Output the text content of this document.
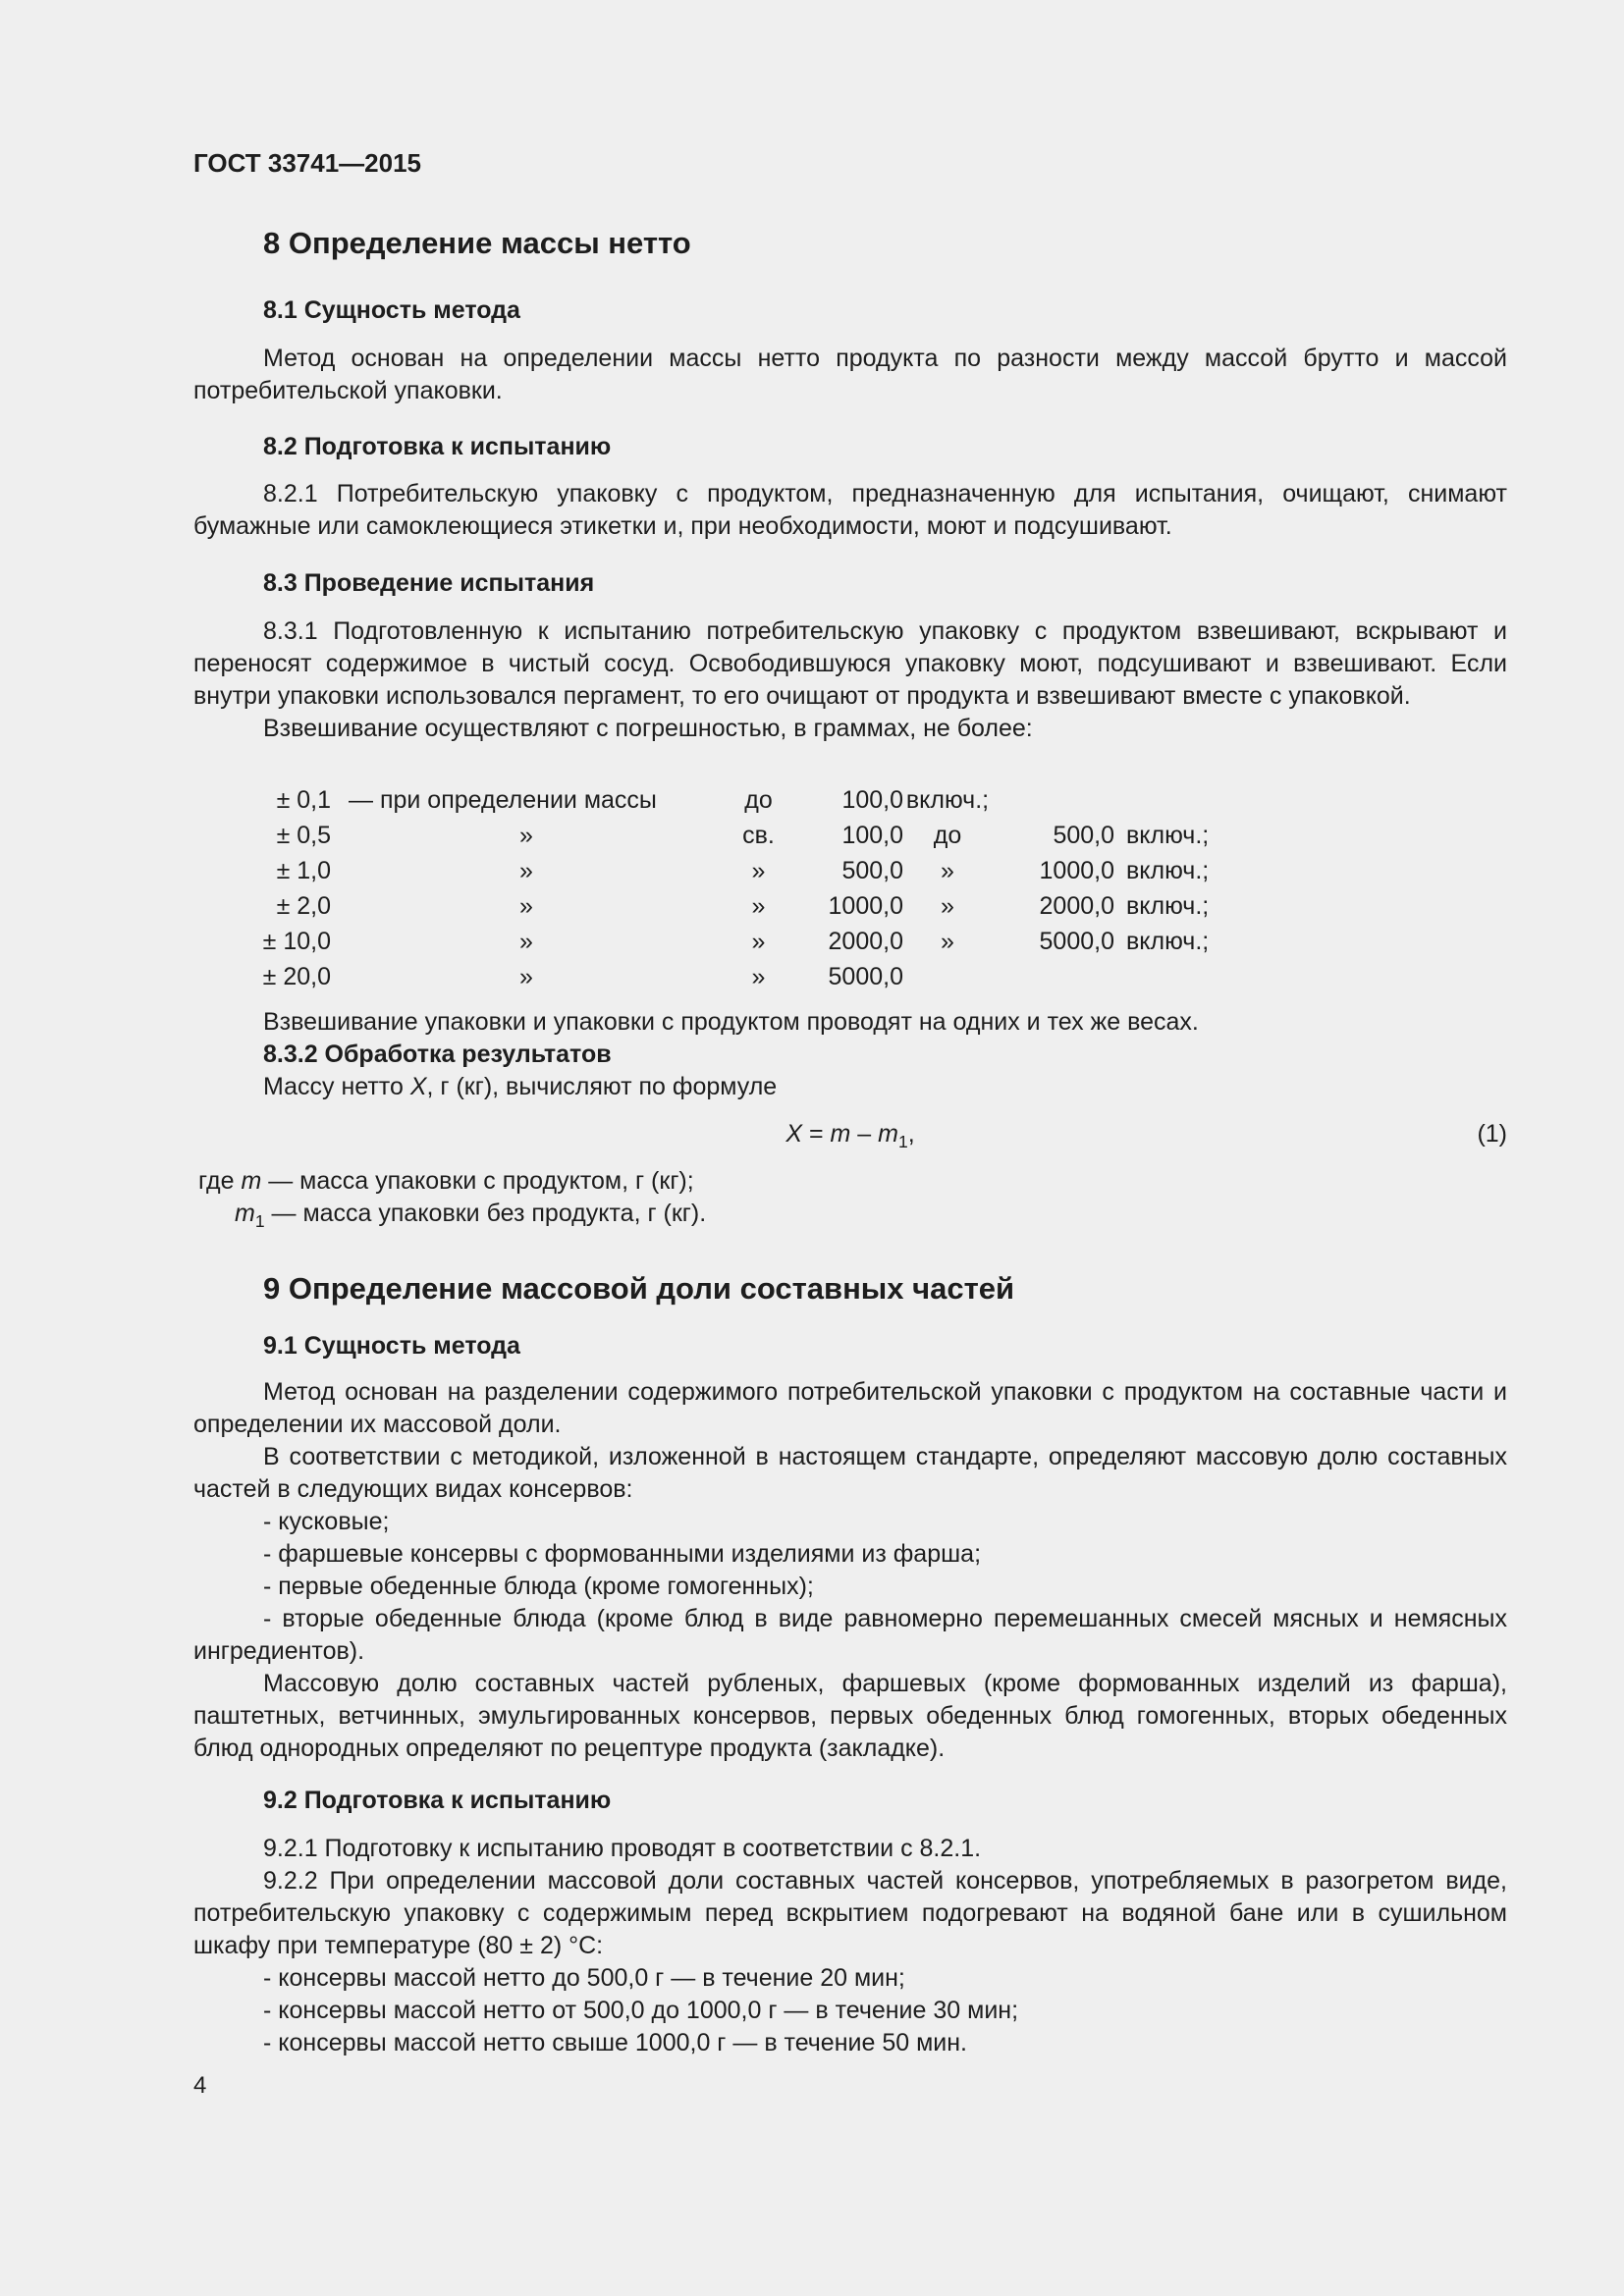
ГОСТ 33741—2015

8 Определение массы нетто

8.1 Сущность метода

Метод основан на определении массы нетто продукта по разности между массой брутто и массой потребительской упаковки.

8.2 Подготовка к испытанию

8.2.1 Потребительскую упаковку с продуктом, предназначенную для испытания, очищают, снимают бумажные или самоклеющиеся этикетки и, при необходимости, моют и подсушивают.

8.3 Проведение испытания

8.3.1 Подготовленную к испытанию потребительскую упаковку с продуктом взвешивают, вскрывают и переносят содержимое в чистый сосуд. Освободившуюся упаковку моют, подсушивают и взвешивают. Если внутри упаковки использовался пергамент, то его очищают от продукта и взвешивают вместе с упаковкой.

Взвешивание осуществляют с погрешностью, в граммах, не более:

± 0,1	— при определении массы	до	100,0	включ.;		
± 0,5	»	св.	100,0	до	500,0	включ.;
± 1,0	»	»	500,0	»	1000,0	включ.;
± 2,0	»	»	1000,0	»	2000,0	включ.;
± 10,0	»	»	2000,0	»	5000,0	включ.;
± 20,0	»	»	5000,0			

Взвешивание упаковки и упаковки с продуктом проводят на одних и тех же весах.

8.3.2 Обработка результатов

Массу нетто X, г (кг), вычисляют по формуле

$X = m - m_1$,	(1)

где m — масса упаковки с продуктом, г (кг);

$m_1$ — масса упаковки без продукта, г (кг).

9 Определение массовой доли составных частей

9.1 Сущность метода

Метод основан на разделении содержимого потребительской упаковки с продуктом на составные части и определении их массовой доли.

В соответствии с методикой, изложенной в настоящем стандарте, определяют массовую долю составных частей в следующих видах консервов:

- кусковые;

- фаршевые консервы с формованными изделиями из фарша;

- первые обеденные блюда (кроме гомогенных);

- вторые обеденные блюда (кроме блюд в виде равномерно перемешанных смесей мясных и немясных ингредиентов).

Массовую долю составных частей рубленых, фаршевых (кроме формованных изделий из фарша), паштетных, ветчинных, эмульгированных консервов, первых обеденных блюд гомогенных, вторых обеденных блюд однородных определяют по рецептуре продукта (закладке).

9.2 Подготовка к испытанию

9.2.1 Подготовку к испытанию проводят в соответствии с 8.2.1.

9.2.2 При определении массовой доли составных частей консервов, употребляемых в разогретом виде, потребительскую упаковку с содержимым перед вскрытием подогревают на водяной бане или в сушильном шкафу при температуре (80 ± 2) °С:

- консервы массой нетто до 500,0 г — в течение 20 мин;

- консервы массой нетто от 500,0 до 1000,0 г — в течение 30 мин;

- консервы массой нетто свыше 1000,0 г — в течение 50 мин.

4
